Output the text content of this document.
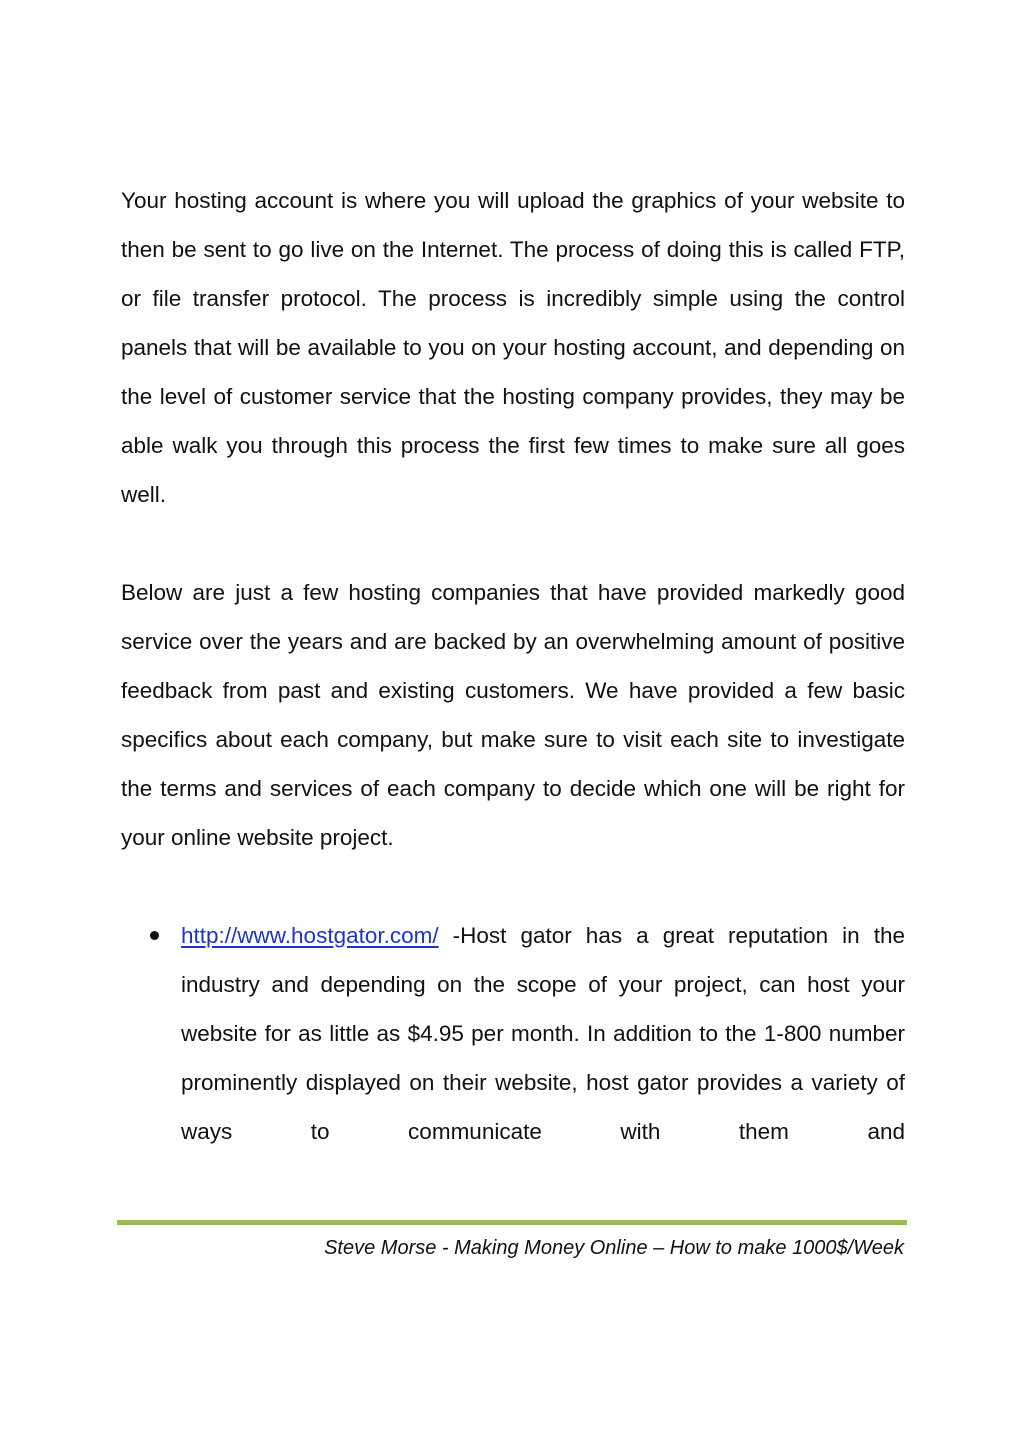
Your hosting account is where you will upload the graphics of your website to then be sent to go live on the Internet. The process of doing this is called FTP, or file transfer protocol. The process is incredibly simple using the control panels that will be available to you on your hosting account, and depending on the level of customer service that the hosting company provides, they may be able walk you through this process the first few times to make sure all goes well.

Below are just a few hosting companies that have provided markedly good service over the years and are backed by an overwhelming amount of positive feedback from past and existing customers. We have provided a few basic specifics about each company, but make sure to visit each site to investigate the terms and services of each company to decide which one will be right for your online website project.

http://www.hostgator.com/ -Host gator has a great reputation in the industry and depending on the scope of your project, can host your website for as little as $4.95 per month. In addition to the 1-800 number prominently displayed on their website, host gator provides a variety of ways to communicate with them and
Steve Morse - Making Money Online – How to make 1000$/Week
